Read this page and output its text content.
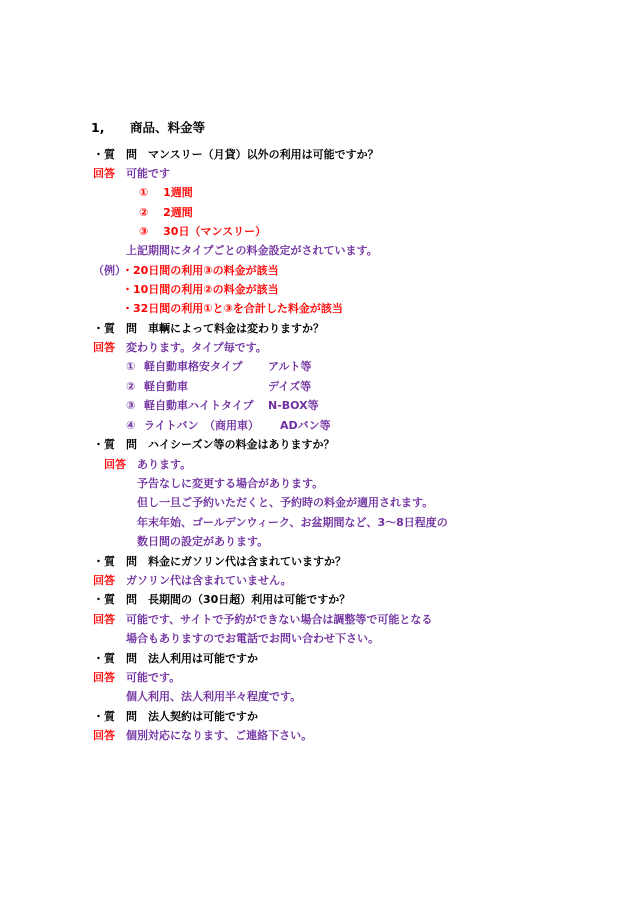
1, 商品、料金等
・質　問　マンスリー（月貸）以外の利用は可能ですか？
回答 可能です
①　 1週間
②　 2週間
③　 30日（マンスリー）
上記期間にタイプごとの料金設定がされています。
（例）
・20日間の利用③の料金が該当
・10日間の利用②の料金が該当
・32日間の利用①と③を合計した料金が該当
・質　問　車輌によって料金は変わりますか？
回答 変わります。タイプ毎です。
① 軽自動車格安タイプ アルト等
② 軽自動車	デイズ等
③ 軽自動車ハイトタイプ N-BOX等
④ ライトバン　（商用車） ADバン等
・質　問　ハイシーズン等の料金はありますか？
回答 あります。
予告なしに変更する場合があります。
但し一旦ご予約いただくと、予約時の料金が適用されます。
年末年始、ゴールデンウィーク、お盆期間など、3～8日程度の
数日間の設定があります。
・質　問　料金にガソリン代は含まれていますか？
回答 ガソリン代は含まれていません。
・質　問　長期間の（30日超）利用は可能ですか？
回答 可能です、サイトで予約ができない場合は調整等で可能となる
場合もありますのでお電話でお問い合わせ下さい。
・質　問　法人利用は可能ですか
回答 可能です。
個人利用、法人利用半々程度です。
・質　問　法人契約は可能ですか
回答 個別対応になります、ご連絡下さい。
